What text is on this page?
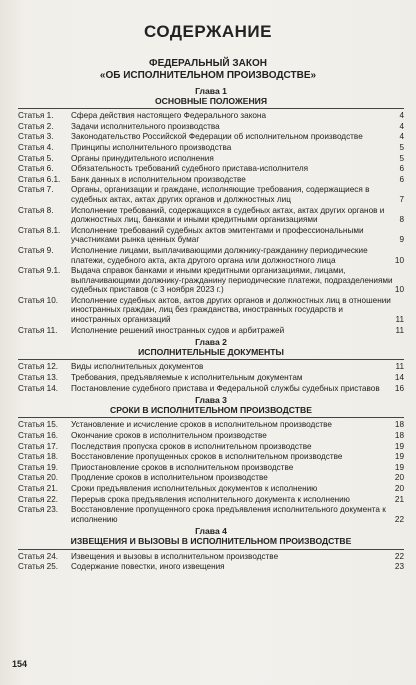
СОДЕРЖАНИЕ
ФЕДЕРАЛЬНЫЙ ЗАКОН
«ОБ ИСПОЛНИТЕЛЬНОМ ПРОИЗВОДСТВЕ»
Глава 1
ОСНОВНЫЕ ПОЛОЖЕНИЯ
Статья 1.	Сфера действия настоящего Федерального закона	4
Статья 2.	Задачи исполнительного производства	4
Статья 3.	Законодательство Российской Федерации об исполнительном производстве	4
Статья 4.	Принципы исполнительного производства	5
Статья 5.	Органы принудительного исполнения	5
Статья 6.	Обязательность требований судебного пристава-исполнителя	6
Статья 6.1.	Банк данных в исполнительном производстве	6
Статья 7.	Органы, организации и граждане, исполняющие требования, содержащиеся в судебных актах, актах других органов и должностных лиц	7
Статья 8.	Исполнение требований, содержащихся в судебных актах, актах других органов и должностных лиц, банками и иными кредитными организациями	8
Статья 8.1.	Исполнение требований судебных актов эмитентами и профессиональными участниками рынка ценных бумаг	9
Статья 9.	Исполнение лицами, выплачивающими должнику-гражданину периодические платежи, судебного акта, акта другого органа или должностного лица	10
Статья 9.1.	Выдача справок банками и иными кредитными организациями, лицами, выплачивающими должнику-гражданину периодические платежи, подразделениями судебных приставов (с 3 ноября 2023 г.)	10
Статья 10.	Исполнение судебных актов, актов других органов и должностных лиц в отношении иностранных граждан, лиц без гражданства, иностранных государств и иностранных организаций	11
Статья 11.	Исполнение решений иностранных судов и арбитражей	11
Глава 2
ИСПОЛНИТЕЛЬНЫЕ ДОКУМЕНТЫ
Статья 12.	Виды исполнительных документов	11
Статья 13.	Требования, предъявляемые к исполнительным документам	14
Статья 14.	Постановление судебного пристава и Федеральной службы судебных приставов	16
Глава 3
СРОКИ В ИСПОЛНИТЕЛЬНОМ ПРОИЗВОДСТВЕ
Статья 15.	Установление и исчисление сроков в исполнительном производстве	18
Статья 16.	Окончание сроков в исполнительном производстве	18
Статья 17.	Последствия пропуска сроков в исполнительном производстве	19
Статья 18.	Восстановление пропущенных сроков в исполнительном производстве	19
Статья 19.	Приостановление сроков в исполнительном производстве	19
Статья 20.	Продление сроков в исполнительном производстве	20
Статья 21.	Сроки предъявления исполнительных документов к исполнению	20
Статья 22.	Перерыв срока предъявления исполнительного документа к исполнению	21
Статья 23.	Восстановление пропущенного срока предъявления исполнительного документа к исполнению	22
Глава 4
ИЗВЕЩЕНИЯ И ВЫЗОВЫ В ИСПОЛНИТЕЛЬНОМ ПРОИЗВОДСТВЕ
Статья 24.	Извещения и вызовы в исполнительном производстве	22
Статья 25.	Содержание повестки, иного извещения	23
154
